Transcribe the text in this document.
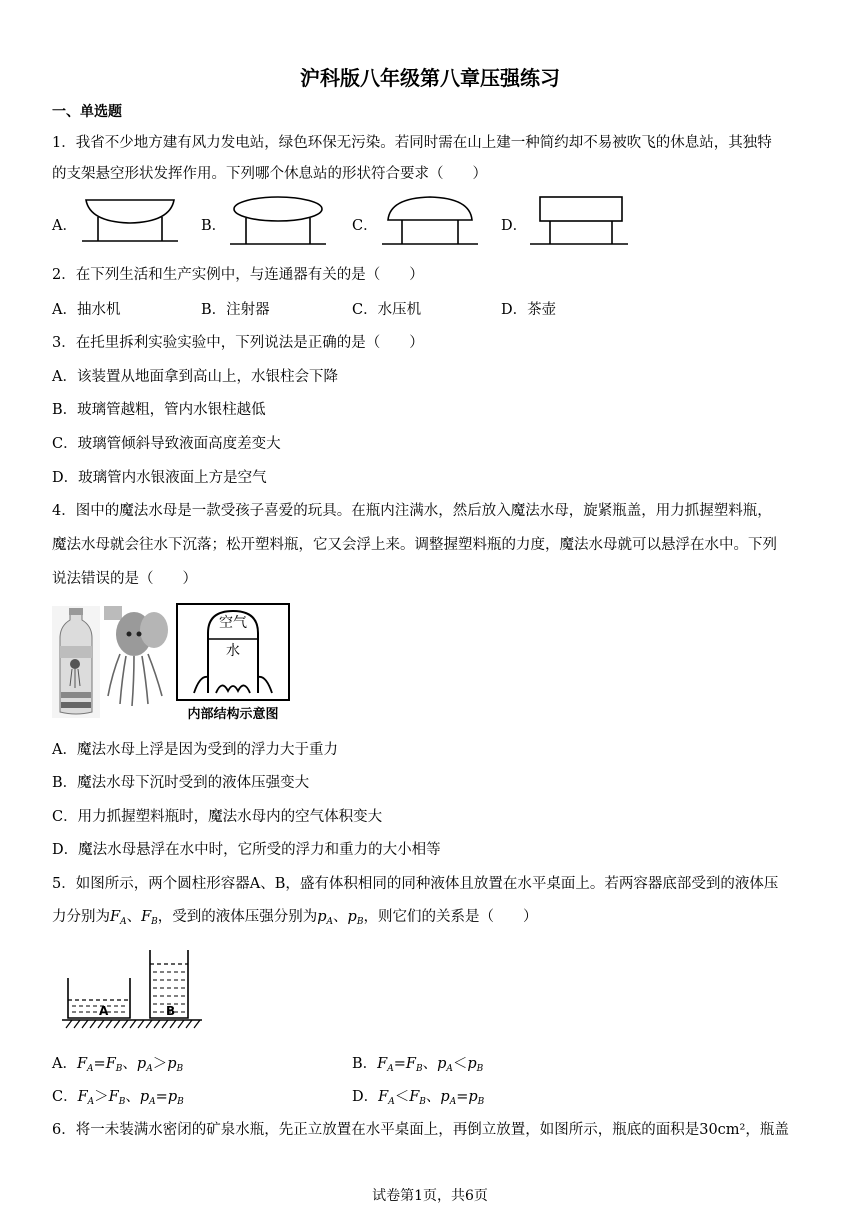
沪科版八年级第八章压强练习
一、单选题
1．我省不少地方建有风力发电站，绿色环保无污染。若同时需在山上建一种简约却不易被吹飞的休息站，其独特
的支架悬空形状发挥作用。下列哪个休息站的形状符合要求（　　）
A．	B．	C．	D．
2．在下列生活和生产实例中，与连通器有关的是（　　）
A．抽水机	B．注射器	C．水压机	D．茶壶
3．在托里拆利实验实验中，下列说法是正确的是（　　）
A．该装置从地面拿到高山上，水银柱会下降
B．玻璃管越粗，管内水银柱越低
C．玻璃管倾斜导致液面高度差变大
D．玻璃管内水银液面上方是空气
4．图中的魔法水母是一款受孩子喜爱的玩具。在瓶内注满水，然后放入魔法水母，旋紧瓶盖，用力抓握塑料瓶，
魔法水母就会往水下沉落；松开塑料瓶，它又会浮上来。调整握塑料瓶的力度，魔法水母就可以悬浮在水中。下列
说法错误的是（　　）
空气
水
内部结构示意图
A．魔法水母上浮是因为受到的浮力大于重力
B．魔法水母下沉时受到的液体压强变大
C．用力抓握塑料瓶时，魔法水母内的空气体积变大
D．魔法水母悬浮在水中时，它所受的浮力和重力的大小相等
5．如图所示，两个圆柱形容器A、B，盛有体积相同的同种液体且放置在水平桌面上。若两容器底部受到的液体压
力分别为$F_A$、$F_B$，受到的液体压强分别为$p_A$、$p_B$，则它们的关系是（　　）
A	B
A．$F_A=F_B$、$p_A>p_B$	B．$F_A=F_B$、$p_A<p_B$
C．$F_A>F_B$、$p_A=p_B$	D．$F_A<F_B$、$p_A=p_B$
6．将一未装满水密闭的矿泉水瓶，先正立放置在水平桌面上，再倒立放置，如图所示，瓶底的面积是30cm²，瓶盖
试卷第1页，共6页
